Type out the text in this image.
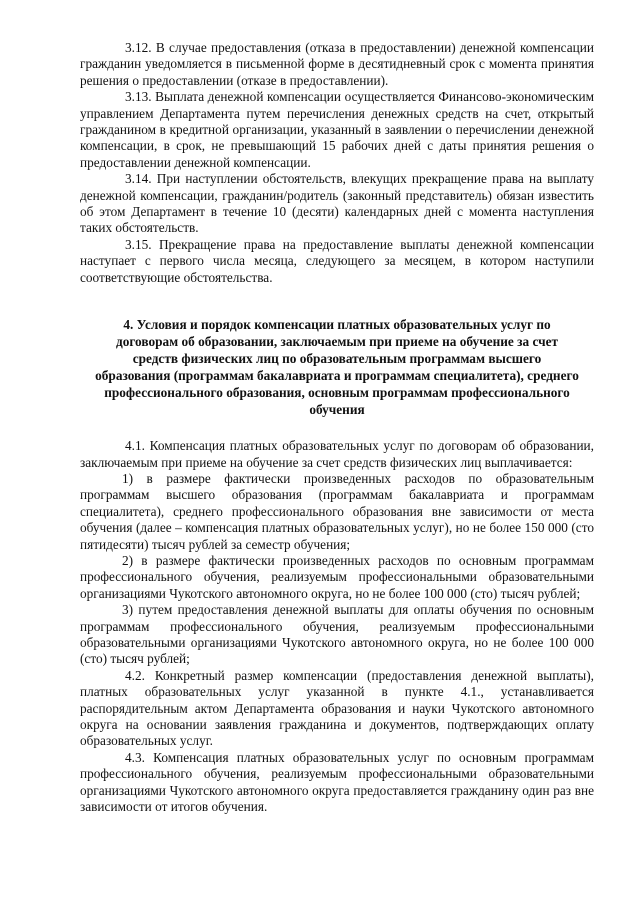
3.12. В случае предоставления (отказа в предоставлении) денежной компенсации гражданин уведомляется в письменной форме в десятидневный срок с момента принятия решения о предоставлении (отказе в предоставлении).

3.13. Выплата денежной компенсации осуществляется Финансово-экономическим управлением Департамента путем перечисления денежных средств на счет, открытый гражданином в кредитной организации, указанный в заявлении о перечислении денежной компенсации, в срок, не превышающий 15 рабочих дней с даты принятия решения о предоставлении денежной компенсации.

3.14. При наступлении обстоятельств, влекущих прекращение права на выплату денежной компенсации, гражданин/родитель (законный представитель) обязан известить об этом Департамент в течение 10 (десяти) календарных дней с момента наступления таких обстоятельств.

3.15. Прекращение права на предоставление выплаты денежной компенсации наступает с первого числа месяца, следующего за месяцем, в котором наступили соответствующие обстоятельства.

4. Условия и порядок компенсации платных образовательных услуг по договорам об образовании, заключаемым при приеме на обучение за счет средств физических лиц по образовательным программам высшего образования (программам бакалавриата и программам специалитета), среднего профессионального образования, основным программам профессионального обучения

4.1. Компенсация платных образовательных услуг по договорам об образовании, заключаемым при приеме на обучение за счет средств физических лиц выплачивается:

1) в размере фактически произведенных расходов по образовательным программам высшего образования (программам бакалавриата и программам специалитета), среднего профессионального образования вне зависимости от места обучения (далее – компенсация платных образовательных услуг), но не более 150 000 (сто пятидесяти) тысяч рублей за семестр обучения;

2) в размере фактически произведенных расходов по основным программам профессионального обучения, реализуемым профессиональными образовательными организациями Чукотского автономного округа, но не более 100 000 (сто) тысяч рублей;

3) путем предоставления денежной выплаты для оплаты обучения по основным программам профессионального обучения, реализуемым профессиональными образовательными организациями Чукотского автономного округа, но не более 100 000 (сто) тысяч рублей;

4.2. Конкретный размер компенсации (предоставления денежной выплаты), платных образовательных услуг указанной в пункте 4.1., устанавливается распорядительным актом Департамента образования и науки Чукотского автономного округа на основании заявления гражданина и документов, подтверждающих оплату образовательных услуг.

4.3. Компенсация платных образовательных услуг по основным программам профессионального обучения, реализуемым профессиональными образовательными организациями Чукотского автономного округа предоставляется гражданину один раз вне зависимости от итогов обучения.
